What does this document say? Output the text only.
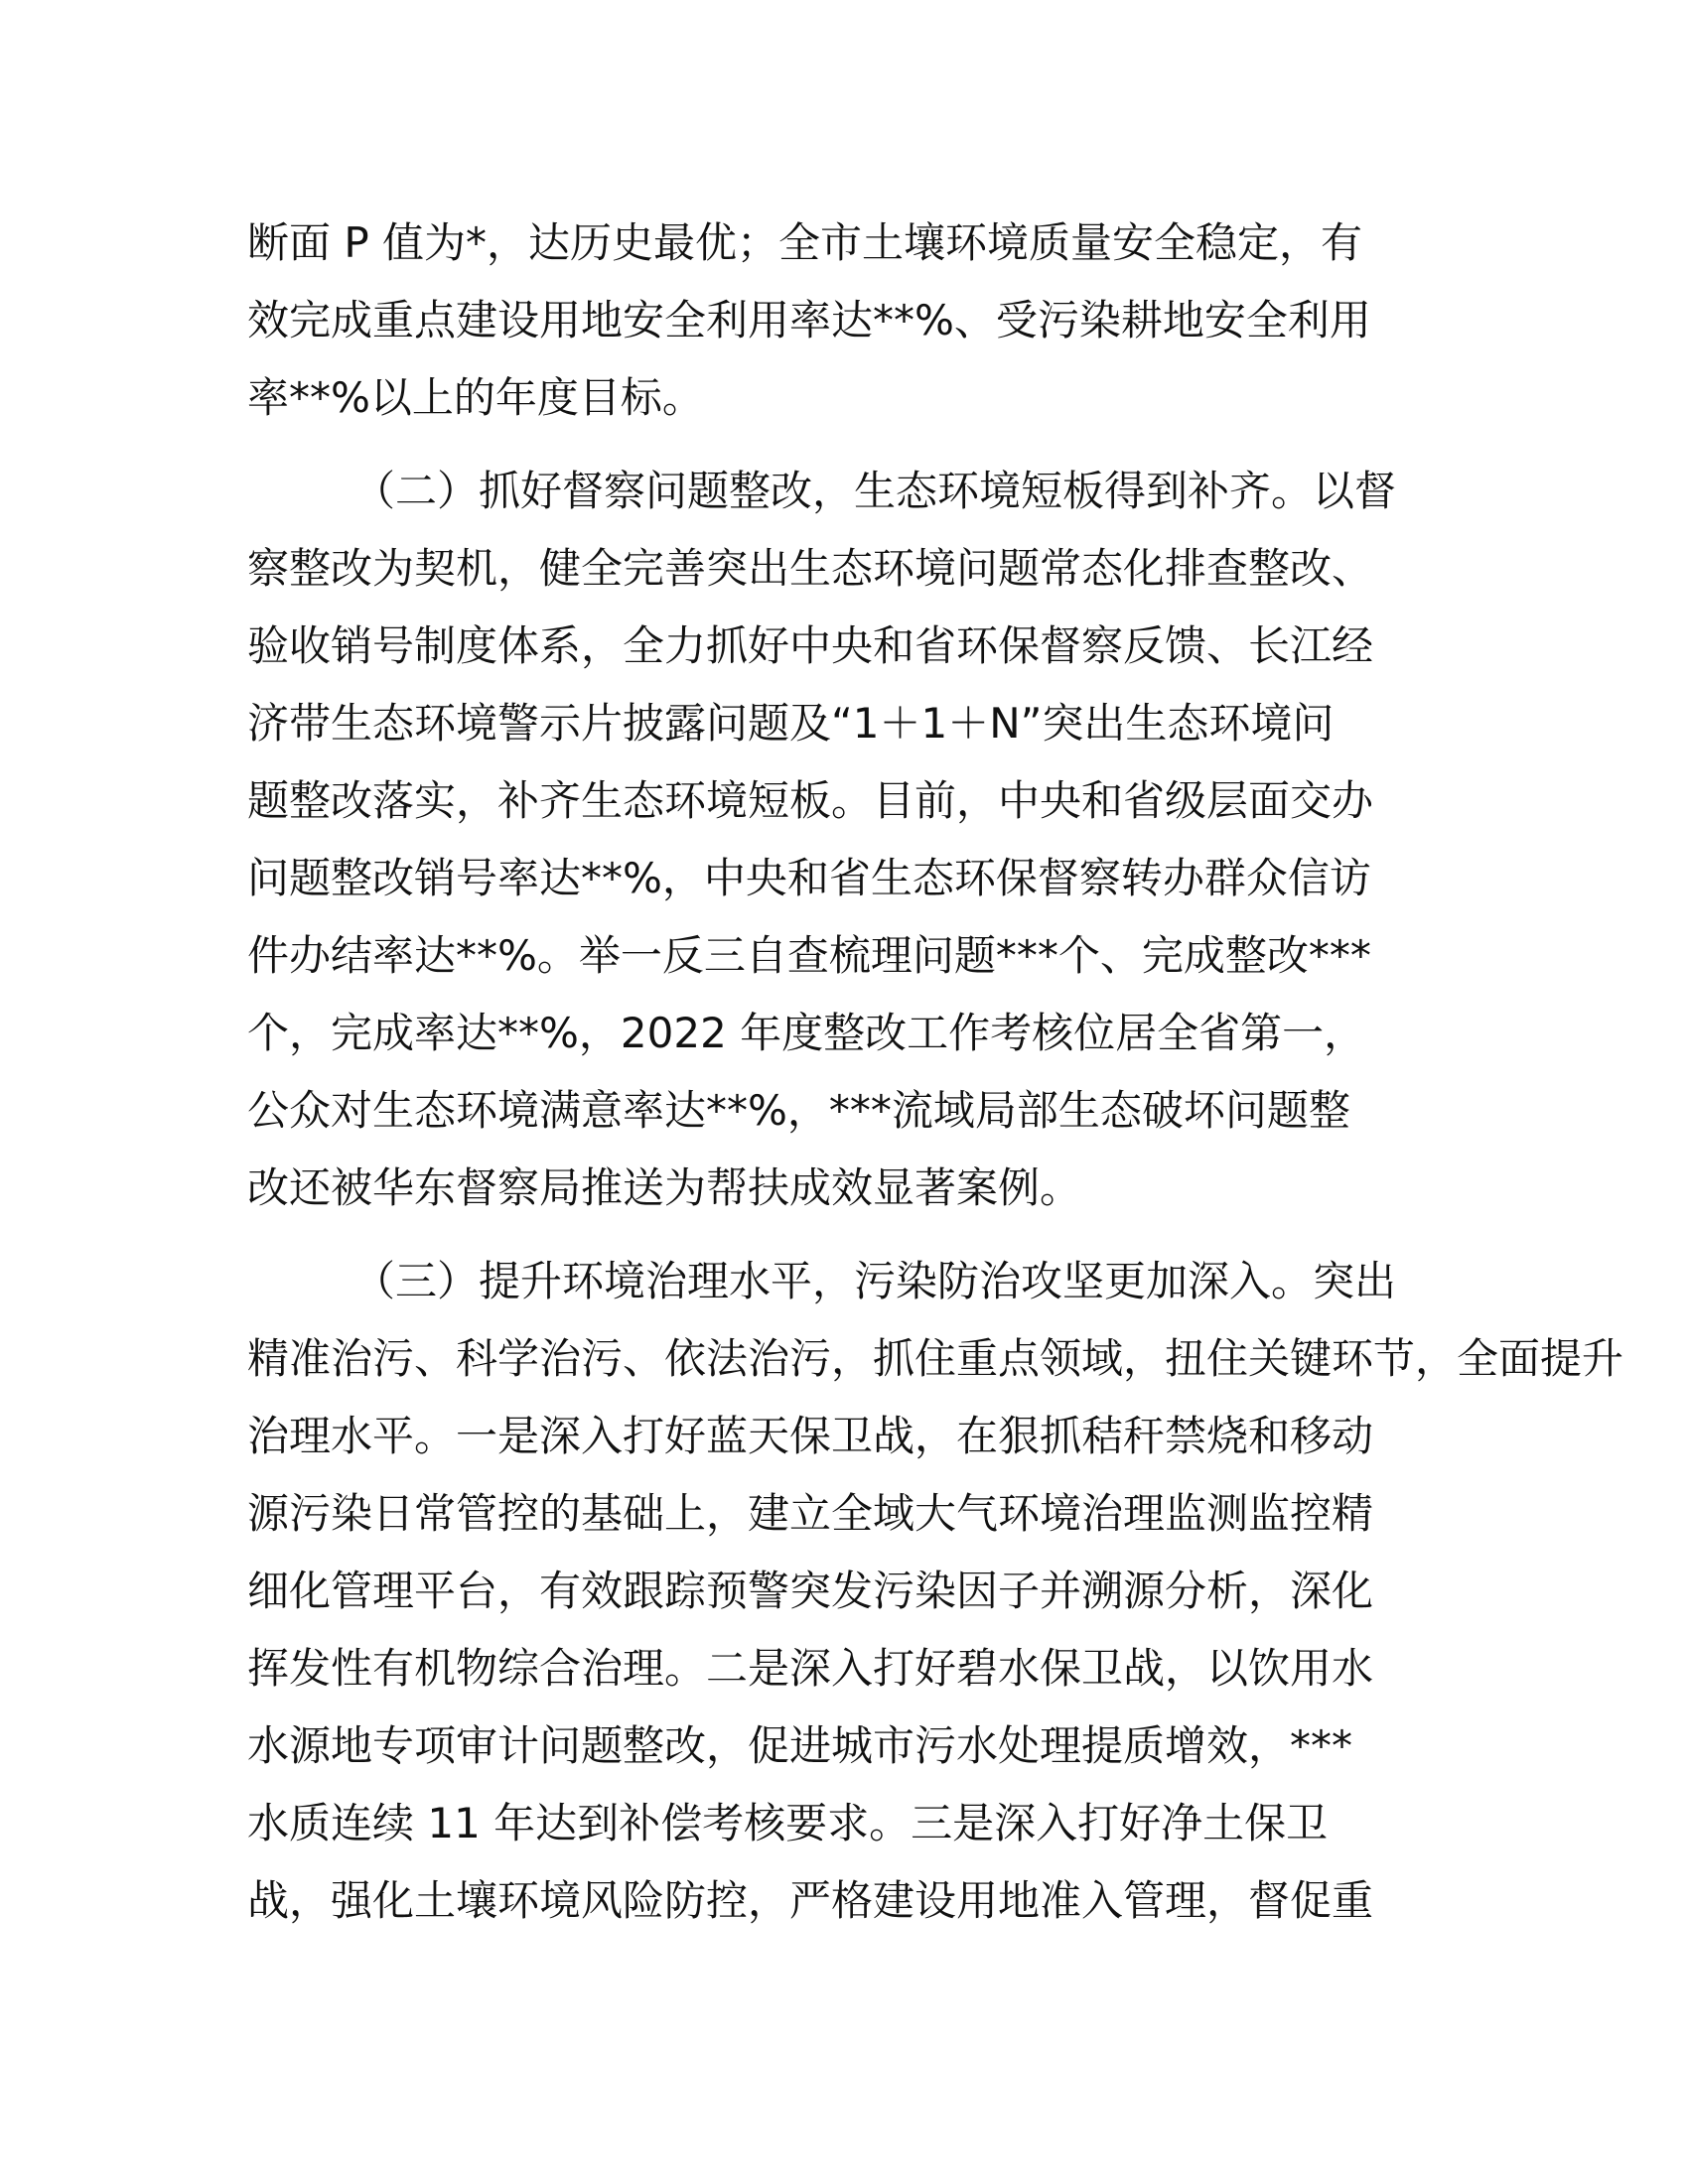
断面 P 值为*，达历史最优；全市土壤环境质量安全稳定，有

效完成重点建设用地安全利用率达**%、受污染耕地安全利用

率**%以上的年度目标。

（二）抓好督察问题整改，生态环境短板得到补齐。以督

察整改为契机，健全完善突出生态环境问题常态化排查整改、

验收销号制度体系，全力抓好中央和省环保督察反馈、长江经

济带生态环境警示片披露问题及“1＋1＋N”突出生态环境问

题整改落实，补齐生态环境短板。目前，中央和省级层面交办

问题整改销号率达**%，中央和省生态环保督察转办群众信访

件办结率达**%。举一反三自查梳理问题***个、完成整改***

个，完成率达**%，2022 年度整改工作考核位居全省第一，

公众对生态环境满意率达**%，***流域局部生态破坏问题整

改还被华东督察局推送为帮扶成效显著案例。

（三）提升环境治理水平，污染防治攻坚更加深入。突出

精准治污、科学治污、依法治污，抓住重点领域，扭住关键环节，全面提升

治理水平。一是深入打好蓝天保卫战，在狠抓秸秆禁烧和移动

源污染日常管控的基础上，建立全域大气环境治理监测监控精

细化管理平台，有效跟踪预警突发污染因子并溯源分析，深化

挥发性有机物综合治理。二是深入打好碧水保卫战，以饮用水

水源地专项审计问题整改，促进城市污水处理提质增效，***

水质连续 11 年达到补偿考核要求。三是深入打好净土保卫

战，强化土壤环境风险防控，严格建设用地准入管理，督促重
